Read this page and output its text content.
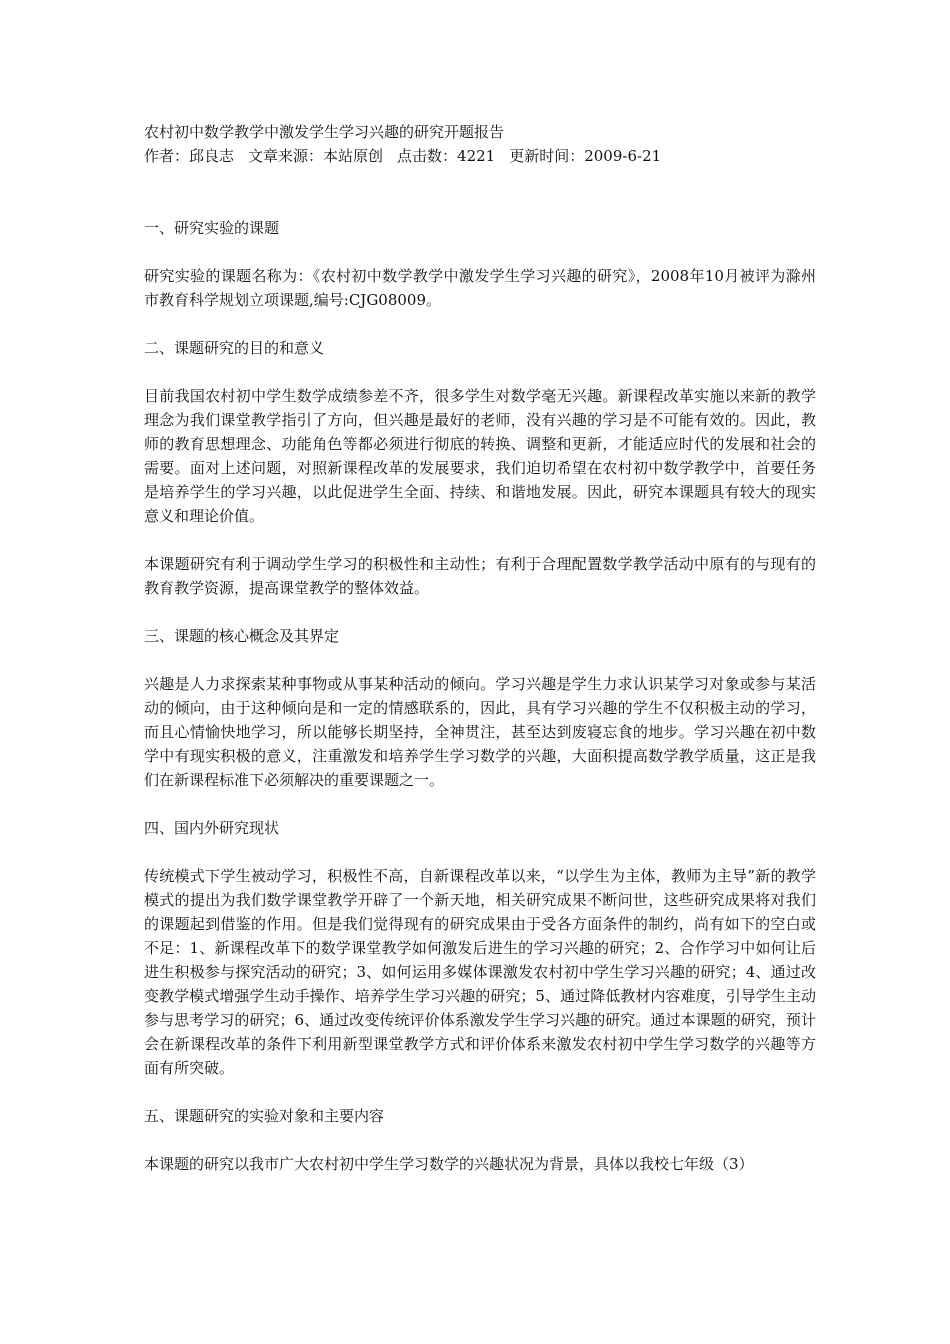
农村初中数学教学中激发学生学习兴趣的研究开题报告

作者：邱良志 文章来源：本站原创 点击数：4221 更新时间：2009-6-21

一、研究实验的课题

研究实验的课题名称为：《农村初中数学教学中激发学生学习兴趣的研究》，2008年10月被评为滁州市教育科学规划立项课题,编号:CJG08009。

二、课题研究的目的和意义

目前我国农村初中学生数学成绩参差不齐，很多学生对数学毫无兴趣。新课程改革实施以来新的教学理念为我们课堂教学指引了方向，但兴趣是最好的老师，没有兴趣的学习是不可能有效的。因此，教师的教育思想理念、功能角色等都必须进行彻底的转换、调整和更新，才能适应时代的发展和社会的需要。面对上述问题，对照新课程改革的发展要求，我们迫切希望在农村初中数学教学中，首要任务是培养学生的学习兴趣，以此促进学生全面、持续、和谐地发展。因此，研究本课题具有较大的现实意义和理论价值。

本课题研究有利于调动学生学习的积极性和主动性；有利于合理配置数学教学活动中原有的与现有的教育教学资源，提高课堂教学的整体效益。

三、课题的核心概念及其界定

兴趣是人力求探索某种事物或从事某种活动的倾向。学习兴趣是学生力求认识某学习对象或参与某活动的倾向，由于这种倾向是和一定的情感联系的，因此，具有学习兴趣的学生不仅积极主动的学习，而且心情愉快地学习，所以能够长期坚持，全神贯注，甚至达到废寝忘食的地步。学习兴趣在初中数学中有现实积极的意义，注重激发和培养学生学习数学的兴趣，大面积提高数学教学质量，这正是我们在新课程标准下必须解决的重要课题之一。

四、国内外研究现状

传统模式下学生被动学习，积极性不高，自新课程改革以来，“以学生为主体，教师为主导”新的教学模式的提出为我们数学课堂教学开辟了一个新天地，相关研究成果不断问世，这些研究成果将对我们的课题起到借鉴的作用。但是我们觉得现有的研究成果由于受各方面条件的制约，尚有如下的空白或不足：1、新课程改革下的数学课堂教学如何激发后进生的学习兴趣的研究；2、合作学习中如何让后进生积极参与探究活动的研究；3、如何运用多媒体课激发农村初中学生学习兴趣的研究；4、通过改变教学模式增强学生动手操作、培养学生学习兴趣的研究；5、通过降低教材内容难度，引导学生主动参与思考学习的研究；6、通过改变传统评价体系激发学生学习兴趣的研究。通过本课题的研究，预计会在新课程改革的条件下利用新型课堂教学方式和评价体系来激发农村初中学生学习数学的兴趣等方面有所突破。

五、课题研究的实验对象和主要内容

本课题的研究以我市广大农村初中学生学习数学的兴趣状况为背景，具体以我校七年级（3）
